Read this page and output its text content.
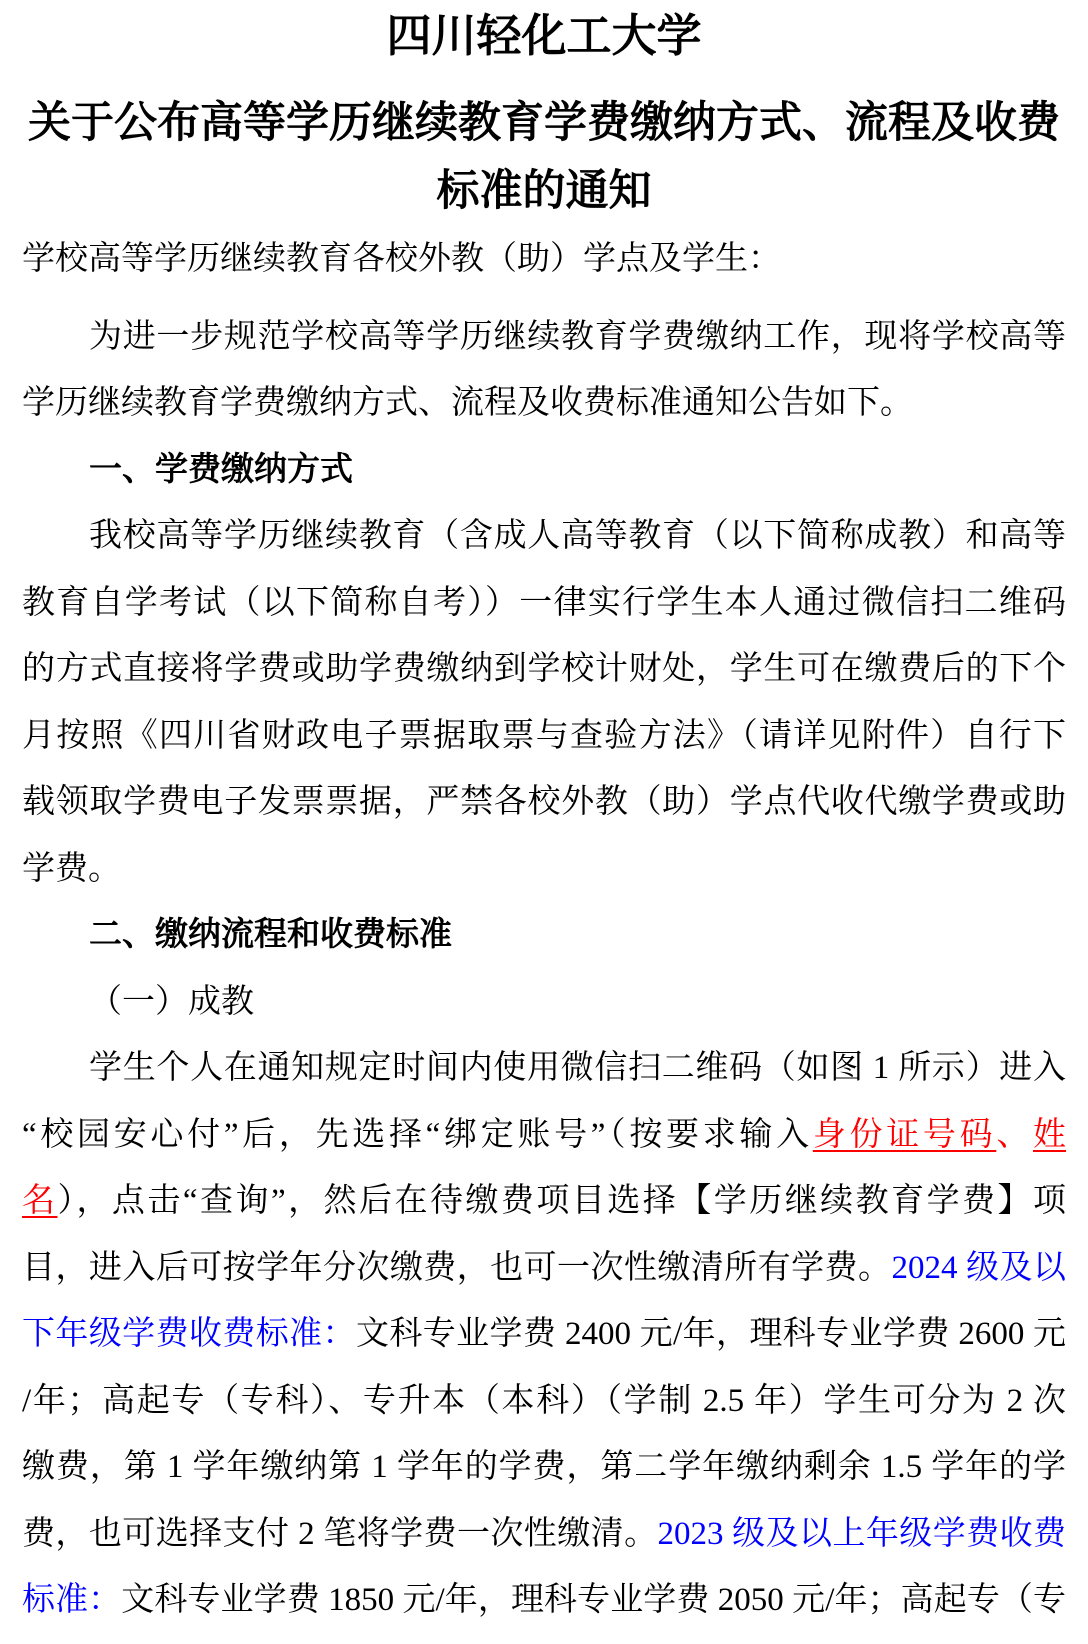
四川轻化工大学
关于公布高等学历继续教育学费缴纳方式、流程及收费
标准的通知
学校高等学历继续教育各校外教（助）学点及学生：
为进一步规范学校高等学历继续教育学费缴纳工作，现将学校高等
学历继续教育学费缴纳方式、流程及收费标准通知公告如下。
一、学费缴纳方式
我校高等学历继续教育（含成人高等教育（以下简称成教）和高等
教育自学考试（以下简称自考））一律实行学生本人通过微信扫二维码
的方式直接将学费或助学费缴纳到学校计财处，学生可在缴费后的下个
月按照《四川省财政电子票据取票与查验方法》（请详见附件）自行下
载领取学费电子发票票据，严禁各校外教（助）学点代收代缴学费或助
学费。
二、缴纳流程和收费标准
（一）成教
学生个人在通知规定时间内使用微信扫二维码（如图 1 所示）进入
“校园安心付”后，先选择“绑定账号”（按要求输入身份证号码、姓
名），点击“查询”，然后在待缴费项目选择【学历继续教育学费】项
目，进入后可按学年分次缴费，也可一次性缴清所有学费。2024 级及以
下年级学费收费标准：文科专业学费 2400 元/年，理科专业学费 2600 元
/年；高起专（专科）、专升本（本科）（学制 2.5 年）学生可分为 2 次
缴费，第 1 学年缴纳第 1 学年的学费，第二学年缴纳剩余 1.5 学年的学
费，也可选择支付 2 笔将学费一次性缴清。2023 级及以上年级学费收费
标准：文科专业学费 1850 元/年，理科专业学费 2050 元/年；高起专（专
